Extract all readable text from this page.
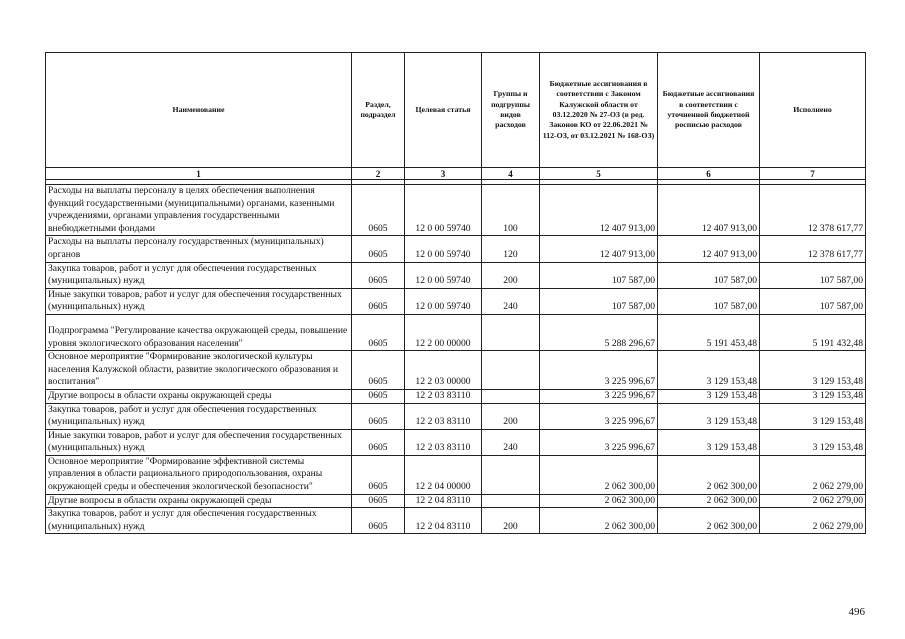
Наименование	Раздел, подраздел	Целевая статья	Группы и подгруппы видов расходов	Бюджетные ассигнования в соответствии с Законом Калужской области от 03.12.2020 № 27-ОЗ (в ред. Законов КО от 22.06.2021 № 112-ОЗ, от 03.12.2021 № 168-ОЗ)	Бюджетные ассигнования в соответствии с уточненной бюджетной росписью расходов	Исполнено
1	2	3	4	5	6	7

Расходы на выплаты персоналу в целях обеспечения выполнения функций государственными (муниципальными) органами, казенными учреждениями, органами управления государственными внебюджетными фондами	0605	12 0 00 59740	100	12 407 913,00	12 407 913,00	12 378 617,77
Расходы на выплаты персоналу государственных (муниципальных) органов	0605	12 0 00 59740	120	12 407 913,00	12 407 913,00	12 378 617,77
Закупка товаров, работ и услуг для обеспечения государственных (муниципальных) нужд	0605	12 0 00 59740	200	107 587,00	107 587,00	107 587,00
Иные закупки товаров, работ и услуг для обеспечения государственных (муниципальных) нужд	0605	12 0 00 59740	240	107 587,00	107 587,00	107 587,00
Подпрограмма "Регулирование качества окружающей среды, повышение уровня экологического образования населения"	0605	12 2 00 00000		5 288 296,67	5 191 453,48	5 191 432,48
Основное мероприятие "Формирование экологической культуры населения Калужской области, развитие экологического образования и воспитания"	0605	12 2 03 00000		3 225 996,67	3 129 153,48	3 129 153,48
Другие вопросы в области охраны окружающей среды	0605	12 2 03 83110		3 225 996,67	3 129 153,48	3 129 153,48
Закупка товаров, работ и услуг для обеспечения государственных (муниципальных) нужд	0605	12 2 03 83110	200	3 225 996,67	3 129 153,48	3 129 153,48
Иные закупки товаров, работ и услуг для обеспечения государственных (муниципальных) нужд	0605	12 2 03 83110	240	3 225 996,67	3 129 153,48	3 129 153,48
Основное мероприятие "Формирование эффективной системы управления в области рационального природопользования, охраны окружающей среды и обеспечения экологической безопасности"	0605	12 2 04 00000		2 062 300,00	2 062 300,00	2 062 279,00
Другие вопросы в области охраны окружающей среды	0605	12 2 04 83110		2 062 300,00	2 062 300,00	2 062 279,00
Закупка товаров, работ и услуг для обеспечения государственных (муниципальных) нужд	0605	12 2 04 83110	200	2 062 300,00	2 062 300,00	2 062 279,00
496
